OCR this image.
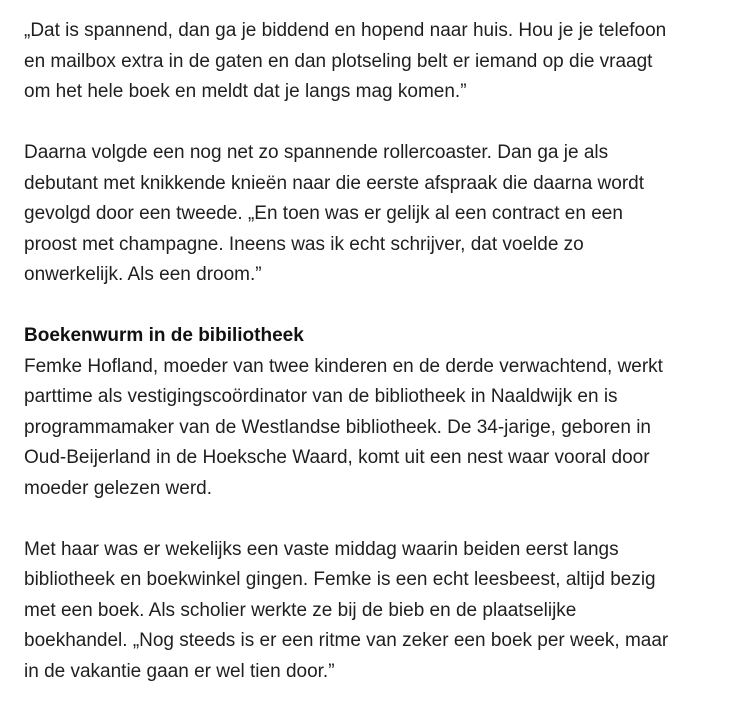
„Dat is spannend, dan ga je biddend en hopend naar huis. Hou je je telefoon
en mailbox extra in de gaten en dan plotseling belt er iemand op die vraagt
om het hele boek en meldt dat je langs mag komen.”

Daarna volgde een nog net zo spannende rollercoaster. Dan ga je als
debutant met knikkende knieën naar die eerste afspraak die daarna wordt
gevolgd door een tweede. „En toen was er gelijk al een contract en een
proost met champagne. Ineens was ik echt schrijver, dat voelde zo
onwerkelijk. Als een droom.”

Boekenwurm in de bibiliotheek

Femke Hofland, moeder van twee kinderen en de derde verwachtend, werkt
parttime als vestigingscoördinator van de bibliotheek in Naaldwijk en is
programmamaker van de Westlandse bibliotheek. De 34-jarige, geboren in
Oud-Beijerland in de Hoeksche Waard, komt uit een nest waar vooral door
moeder gelezen werd.

Met haar was er wekelijks een vaste middag waarin beiden eerst langs
bibliotheek en boekwinkel gingen. Femke is een echt leesbeest, altijd bezig
met een boek. Als scholier werkte ze bij de bieb en de plaatselijke
boekhandel. „Nog steeds is er een ritme van zeker een boek per week, maar
in de vakantie gaan er wel tien door.”
